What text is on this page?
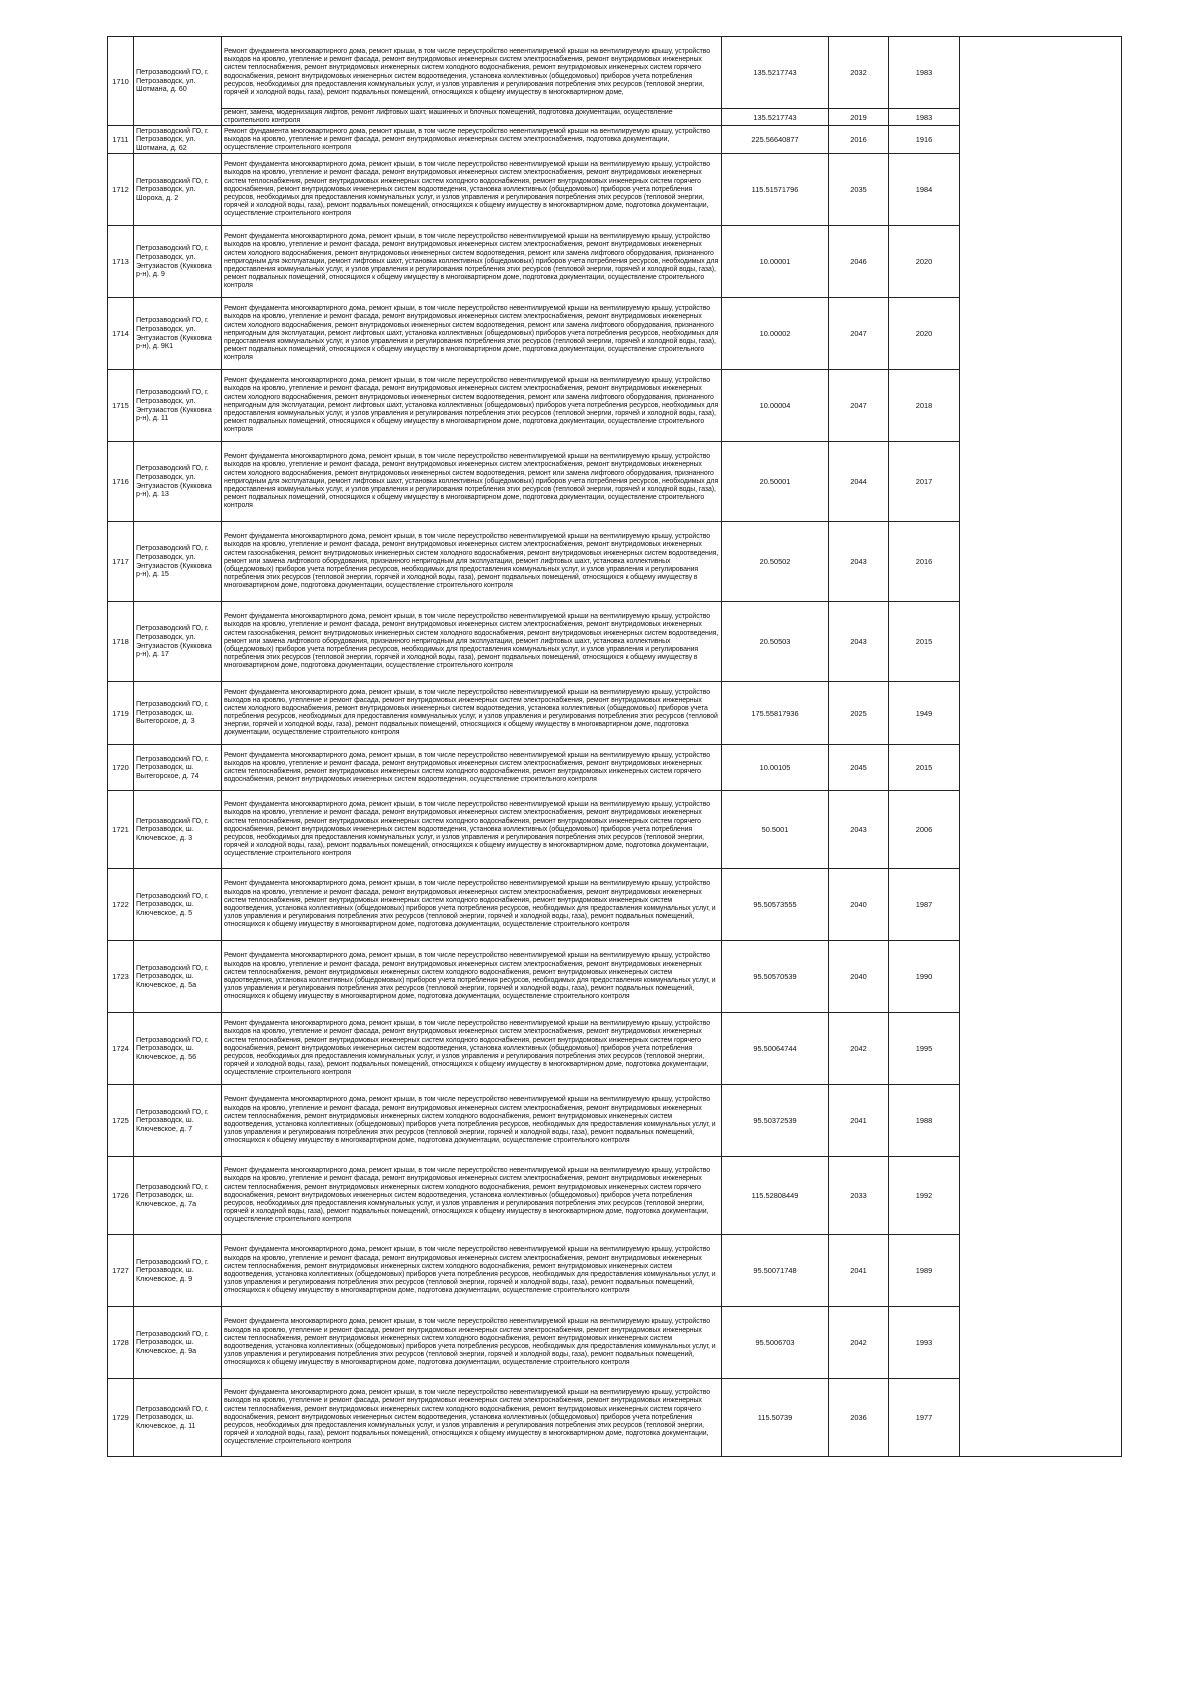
1710	Петрозаводский ГО, г. Петрозаводск, ул. Шотмана, д. 60	Ремонт фундамента многоквартирного дома, ремонт крыши, в том числе переустройство невентилируемой крыши на вентилируемую крышу, устройство выходов на кровлю, утепление и ремонт фасада, ремонт внутридомовых инженерных систем электроснабжения, ремонт внутридомовых инженерных систем теплоснабжения, ремонт внутридомовых инженерных систем холодного водоснабжения, ремонт внутридомовых инженерных систем горячего водоснабжения, ремонт внутридомовых инженерных систем водоотведения, установка коллективных (общедомовых) приборов учета потребления ресурсов, необходимых для предоставления коммунальных услуг, и узлов управления и регулирования потребления этих ресурсов (тепловой энергии, горячей и холодной воды, газа), ремонт подвальных помещений, относящихся к общему имуществу в многоквартирном доме,	135.5217743	2032	1983	
		ремонт, замена, модернизация лифтов, ремонт лифтовых шахт, машинных и блочных помещений, подготовка документации, осуществление строительного контроля	135.5217743	2019	1983	
1711	Петрозаводский ГО, г. Петрозаводск, ул. Шотмана, д. 62	Ремонт фундамента многоквартирного дома, ремонт крыши, в том числе переустройство невентилируемой крыши на вентилируемую крышу, устройство выходов на кровлю, утепление и ремонт фасада, ремонт внутридомовых инженерных систем электроснабжения, подготовка документации, осуществление строительного контроля	225.56640877	2016	1916	
1712	Петрозаводский ГО, г. Петрозаводск, ул. Шороха, д. 2	Ремонт фундамента многоквартирного дома, ремонт крыши, в том числе переустройство невентилируемой крыши на вентилируемую крышу, устройство выходов на кровлю, утепление и ремонт фасада, ремонт внутридомовых инженерных систем электроснабжения, ремонт внутридомовых инженерных систем теплоснабжения, ремонт внутридомовых инженерных систем холодного водоснабжения, ремонт внутридомовых инженерных систем горячего водоснабжения, ремонт внутридомовых инженерных систем водоотведения, установка коллективных (общедомовых) приборов учета потребления ресурсов, необходимых для предоставления коммунальных услуг, и узлов управления и регулирования потребления этих ресурсов (тепловой энергии, горячей и холодной воды, газа), ремонт подвальных помещений, относящихся к общему имуществу в многоквартирном доме, подготовка документации, осуществление строительного контроля	115.51571796	2035	1984	
1713	Петрозаводский ГО, г. Петрозаводск, ул. Энтузиастов (Кукковка р-н), д. 9	Ремонт фундамента многоквартирного дома, ремонт крыши, в том числе переустройство невентилируемой крыши на вентилируемую крышу, устройство выходов на кровлю, утепление и ремонт фасада, ремонт внутридомовых инженерных систем электроснабжения, ремонт внутридомовых инженерных систем холодного водоснабжения, ремонт внутридомовых инженерных систем водоотведения, ремонт или замена лифтового оборудования, признанного непригодным для эксплуатации, ремонт лифтовых шахт, установка коллективных (общедомовых) приборов учета потребления ресурсов, необходимых для предоставления коммунальных услуг, и узлов управления и регулирования потребления этих ресурсов (тепловой энергии, горячей и холодной воды, газа), ремонт подвальных помещений, относящихся к общему имуществу в многоквартирном доме, подготовка документации, осуществление строительного контроля	10.00001	2046	2020	
1714	Петрозаводский ГО, г. Петрозаводск, ул. Энтузиастов (Кукковка р-н), д. 9К1	Ремонт фундамента многоквартирного дома, ремонт крыши, в том числе переустройство невентилируемой крыши на вентилируемую крышу, устройство выходов на кровлю, утепление и ремонт фасада, ремонт внутридомовых инженерных систем электроснабжения, ремонт внутридомовых инженерных систем холодного водоснабжения, ремонт внутридомовых инженерных систем водоотведения, ремонт или замена лифтового оборудования, признанного непригодным для эксплуатации, ремонт лифтовых шахт, установка коллективных (общедомовых) приборов учета потребления ресурсов, необходимых для предоставления коммунальных услуг, и узлов управления и регулирования потребления этих ресурсов (тепловой энергии, горячей и холодной воды, газа), ремонт подвальных помещений, относящихся к общему имуществу в многоквартирном доме, подготовка документации, осуществление строительного контроля	10.00002	2047	2020	
1715	Петрозаводский ГО, г. Петрозаводск, ул. Энтузиастов (Кукковка р-н), д. 11	Ремонт фундамента многоквартирного дома, ремонт крыши, в том числе переустройство невентилируемой крыши на вентилируемую крышу, устройство выходов на кровлю, утепление и ремонт фасада, ремонт внутридомовых инженерных систем электроснабжения, ремонт внутридомовых инженерных систем холодного водоснабжения, ремонт внутридомовых инженерных систем водоотведения, ремонт или замена лифтового оборудования, признанного непригодным для эксплуатации, ремонт лифтовых шахт, установка коллективных (общедомовых) приборов учета потребления ресурсов, необходимых для предоставления коммунальных услуг, и узлов управления и регулирования потребления этих ресурсов (тепловой энергии, горячей и холодной воды, газа), ремонт подвальных помещений, относящихся к общему имуществу в многоквартирном доме, подготовка документации, осуществление строительного контроля	10.00004	2047	2018	
1716	Петрозаводский ГО, г. Петрозаводск, ул. Энтузиастов (Кукковка р-н), д. 13	Ремонт фундамента многоквартирного дома, ремонт крыши, в том числе переустройство невентилируемой крыши на вентилируемую крышу, устройство выходов на кровлю, утепление и ремонт фасада, ремонт внутридомовых инженерных систем электроснабжения, ремонт внутридомовых инженерных систем холодного водоснабжения, ремонт внутридомовых инженерных систем водоотведения, ремонт или замена лифтового оборудования, признанного непригодным для эксплуатации, ремонт лифтовых шахт, установка коллективных (общедомовых) приборов учета потребления ресурсов, необходимых для предоставления коммунальных услуг, и узлов управления и регулирования потребления этих ресурсов (тепловой энергии, горячей и холодной воды, газа), ремонт подвальных помещений, относящихся к общему имуществу в многоквартирном доме, подготовка документации, осуществление строительного контроля	20.50001	2044	2017	
1717	Петрозаводский ГО, г. Петрозаводск, ул. Энтузиастов (Кукковка р-н), д. 15	Ремонт фундамента многоквартирного дома, ремонт крыши, в том числе переустройство невентилируемой крыши на вентилируемую крышу, устройство выходов на кровлю, утепление и ремонт фасада, ремонт внутридомовых инженерных систем электроснабжения, ремонт внутридомовых инженерных систем газоснабжения, ремонт внутридомовых инженерных систем холодного водоснабжения, ремонт внутридомовых инженерных систем водоотведения, ремонт или замена лифтового оборудования, признанного непригодным для эксплуатации, ремонт лифтовых шахт, установка коллективных (общедомовых) приборов учета потребления ресурсов, необходимых для предоставления коммунальных услуг, и узлов управления и регулирования потребления этих ресурсов (тепловой энергии, горячей и холодной воды, газа), ремонт подвальных помещений, относящихся к общему имуществу в многоквартирном доме, подготовка документации, осуществление строительного контроля	20.50502	2043	2016	
1718	Петрозаводский ГО, г. Петрозаводск, ул. Энтузиастов (Кукковка р-н), д. 17	Ремонт фундамента многоквартирного дома, ремонт крыши, в том числе переустройство невентилируемой крыши на вентилируемую крышу, устройство выходов на кровлю, утепление и ремонт фасада, ремонт внутридомовых инженерных систем электроснабжения, ремонт внутридомовых инженерных систем газоснабжения, ремонт внутридомовых инженерных систем холодного водоснабжения, ремонт внутридомовых инженерных систем водоотведения, ремонт или замена лифтового оборудования, признанного непригодным для эксплуатации, ремонт лифтовых шахт, установка коллективных (общедомовых) приборов учета потребления ресурсов, необходимых для предоставления коммунальных услуг, и узлов управления и регулирования потребления этих ресурсов (тепловой энергии, горячей и холодной воды, газа), ремонт подвальных помещений, относящихся к общему имуществу в многоквартирном доме, подготовка документации, осуществление строительного контроля	20.50503	2043	2015	
1719	Петрозаводский ГО, г. Петрозаводск, ш. Вытегорское, д. 3	Ремонт фундамента многоквартирного дома, ремонт крыши, в том числе переустройство невентилируемой крыши на вентилируемую крышу, устройство выходов на кровлю, утепление и ремонт фасада, ремонт внутридомовых инженерных систем электроснабжения, ремонт внутридомовых инженерных систем холодного водоснабжения, ремонт внутридомовых инженерных систем водоотведения, установка коллективных (общедомовых) приборов учета потребления ресурсов, необходимых для предоставления коммунальных услуг, и узлов управления и регулирования потребления этих ресурсов (тепловой энергии, горячей и холодной воды, газа), ремонт подвальных помещений, относящихся к общему имуществу в многоквартирном доме, подготовка документации, осуществление строительного контроля	175.55817936	2025	1949	
1720	Петрозаводский ГО, г. Петрозаводск, ш. Вытегорское, д. 74	Ремонт фундамента многоквартирного дома, ремонт крыши, в том числе переустройство невентилируемой крыши на вентилируемую крышу, устройство выходов на кровлю, утепление и ремонт фасада, ремонт внутридомовых инженерных систем электроснабжения, ремонт внутридомовых инженерных систем теплоснабжения, ремонт внутридомовых инженерных систем холодного водоснабжения, ремонт внутридомовых инженерных систем горячего водоснабжения, ремонт внутридомовых инженерных систем водоотведения, осуществление строительного контроля	10.00105	2045	2015	
1721	Петрозаводский ГО, г. Петрозаводск, ш. Ключевское, д. 3	Ремонт фундамента многоквартирного дома, ремонт крыши, в том числе переустройство невентилируемой крыши на вентилируемую крышу, устройство выходов на кровлю, утепление и ремонт фасада, ремонт внутридомовых инженерных систем электроснабжения, ремонт внутридомовых инженерных систем теплоснабжения, ремонт внутридомовых инженерных систем холодного водоснабжения, ремонт внутридомовых инженерных систем горячего водоснабжения, ремонт внутридомовых инженерных систем водоотведения, установка коллективных (общедомовых) приборов учета потребления ресурсов, необходимых для предоставления коммунальных услуг, и узлов управления и регулирования потребления этих ресурсов (тепловой энергии, горячей и холодной воды, газа), ремонт подвальных помещений, относящихся к общему имуществу в многоквартирном доме, подготовка документации, осуществление строительного контроля	50.5001	2043	2006	
1722	Петрозаводский ГО, г. Петрозаводск, ш. Ключевское, д. 5	Ремонт фундамента многоквартирного дома, ремонт крыши, в том числе переустройство невентилируемой крыши на вентилируемую крышу, устройство выходов на кровлю, утепление и ремонт фасада, ремонт внутридомовых инженерных систем электроснабжения, ремонт внутридомовых инженерных систем теплоснабжения, ремонт внутридомовых инженерных систем холодного водоснабжения, ремонт внутридомовых инженерных систем водоотведения, установка коллективных (общедомовых) приборов учета потребления ресурсов, необходимых для предоставления коммунальных услуг, и узлов управления и регулирования потребления этих ресурсов (тепловой энергии, горячей и холодной воды, газа), ремонт подвальных помещений, относящихся к общему имуществу в многоквартирном доме, подготовка документации, осуществление строительного контроля	95.50573555	2040	1987	
1723	Петрозаводский ГО, г. Петрозаводск, ш. Ключевское, д. 5а	Ремонт фундамента многоквартирного дома, ремонт крыши, в том числе переустройство невентилируемой крыши на вентилируемую крышу, устройство выходов на кровлю, утепление и ремонт фасада, ремонт внутридомовых инженерных систем электроснабжения, ремонт внутридомовых инженерных систем теплоснабжения, ремонт внутридомовых инженерных систем холодного водоснабжения, ремонт внутридомовых инженерных систем водоотведения, установка коллективных (общедомовых) приборов учета потребления ресурсов, необходимых для предоставления коммунальных услуг, и узлов управления и регулирования потребления этих ресурсов (тепловой энергии, горячей и холодной воды, газа), ремонт подвальных помещений, относящихся к общему имуществу в многоквартирном доме, подготовка документации, осуществление строительного контроля	95.50570539	2040	1990	
1724	Петрозаводский ГО, г. Петрозаводск, ш. Ключевское, д. 56	Ремонт фундамента многоквартирного дома, ремонт крыши, в том числе переустройство невентилируемой крыши на вентилируемую крышу, устройство выходов на кровлю, утепление и ремонт фасада, ремонт внутридомовых инженерных систем электроснабжения, ремонт внутридомовых инженерных систем теплоснабжения, ремонт внутридомовых инженерных систем холодного водоснабжения, ремонт внутридомовых инженерных систем горячего водоснабжения, ремонт внутридомовых инженерных систем водоотведения, установка коллективных (общедомовых) приборов учета потребления ресурсов, необходимых для предоставления коммунальных услуг, и узлов управления и регулирования потребления этих ресурсов (тепловой энергии, горячей и холодной воды, газа), ремонт подвальных помещений, относящихся к общему имуществу в многоквартирном доме, подготовка документации, осуществление строительного контроля	95.50064744	2042	1995	
1725	Петрозаводский ГО, г. Петрозаводск, ш. Ключевское, д. 7	Ремонт фундамента многоквартирного дома, ремонт крыши, в том числе переустройство невентилируемой крыши на вентилируемую крышу, устройство выходов на кровлю, утепление и ремонт фасада, ремонт внутридомовых инженерных систем электроснабжения, ремонт внутридомовых инженерных систем теплоснабжения, ремонт внутридомовых инженерных систем холодного водоснабжения, ремонт внутридомовых инженерных систем водоотведения, установка коллективных (общедомовых) приборов учета потребления ресурсов, необходимых для предоставления коммунальных услуг, и узлов управления и регулирования потребления этих ресурсов (тепловой энергии, горячей и холодной воды, газа), ремонт подвальных помещений, относящихся к общему имуществу в многоквартирном доме, подготовка документации, осуществление строительного контроля	95.50372539	2041	1988	
1726	Петрозаводский ГО, г. Петрозаводск, ш. Ключевское, д. 7а	Ремонт фундамента многоквартирного дома, ремонт крыши, в том числе переустройство невентилируемой крыши на вентилируемую крышу, устройство выходов на кровлю, утепление и ремонт фасада, ремонт внутридомовых инженерных систем электроснабжения, ремонт внутридомовых инженерных систем теплоснабжения, ремонт внутридомовых инженерных систем холодного водоснабжения, ремонт внутридомовых инженерных систем горячего водоснабжения, ремонт внутридомовых инженерных систем водоотведения, установка коллективных (общедомовых) приборов учета потребления ресурсов, необходимых для предоставления коммунальных услуг, и узлов управления и регулирования потребления этих ресурсов (тепловой энергии, горячей и холодной воды, газа), ремонт подвальных помещений, относящихся к общему имуществу в многоквартирном доме, подготовка документации, осуществление строительного контроля	115.52808449	2033	1992	
1727	Петрозаводский ГО, г. Петрозаводск, ш. Ключевское, д. 9	Ремонт фундамента многоквартирного дома, ремонт крыши, в том числе переустройство невентилируемой крыши на вентилируемую крышу, устройство выходов на кровлю, утепление и ремонт фасада, ремонт внутридомовых инженерных систем электроснабжения, ремонт внутридомовых инженерных систем теплоснабжения, ремонт внутридомовых инженерных систем холодного водоснабжения, ремонт внутридомовых инженерных систем водоотведения, установка коллективных (общедомовых) приборов учета потребления ресурсов, необходимых для предоставления коммунальных услуг, и узлов управления и регулирования потребления этих ресурсов (тепловой энергии, горячей и холодной воды, газа), ремонт подвальных помещений, относящихся к общему имуществу в многоквартирном доме, подготовка документации, осуществление строительного контроля	95.50071748	2041	1989	
1728	Петрозаводский ГО, г. Петрозаводск, ш. Ключевское, д. 9а	Ремонт фундамента многоквартирного дома, ремонт крыши, в том числе переустройство невентилируемой крыши на вентилируемую крышу, устройство выходов на кровлю, утепление и ремонт фасада, ремонт внутридомовых инженерных систем электроснабжения, ремонт внутридомовых инженерных систем теплоснабжения, ремонт внутридомовых инженерных систем холодного водоснабжения, ремонт внутридомовых инженерных систем водоотведения, установка коллективных (общедомовых) приборов учета потребления ресурсов, необходимых для предоставления коммунальных услуг, и узлов управления и регулирования потребления этих ресурсов (тепловой энергии, горячей и холодной воды, газа), ремонт подвальных помещений, относящихся к общему имуществу в многоквартирном доме, подготовка документации, осуществление строительного контроля	95.5006703	2042	1993	
1729	Петрозаводский ГО, г. Петрозаводск, ш. Ключевское, д. 11	Ремонт фундамента многоквартирного дома, ремонт крыши, в том числе переустройство невентилируемой крыши на вентилируемую крышу, устройство выходов на кровлю, утепление и ремонт фасада, ремонт внутридомовых инженерных систем электроснабжения, ремонт внутридомовых инженерных систем теплоснабжения, ремонт внутридомовых инженерных систем холодного водоснабжения, ремонт внутридомовых инженерных систем горячего водоснабжения, ремонт внутридомовых инженерных систем водоотведения, установка коллективных (общедомовых) приборов учета потребления ресурсов, необходимых для предоставления коммунальных услуг, и узлов управления и регулирования потребления этих ресурсов (тепловой энергии, горячей и холодной воды, газа), ремонт подвальных помещений, относящихся к общему имуществу в многоквартирном доме, подготовка документации, осуществление строительного контроля	115.50739	2036	1977	
